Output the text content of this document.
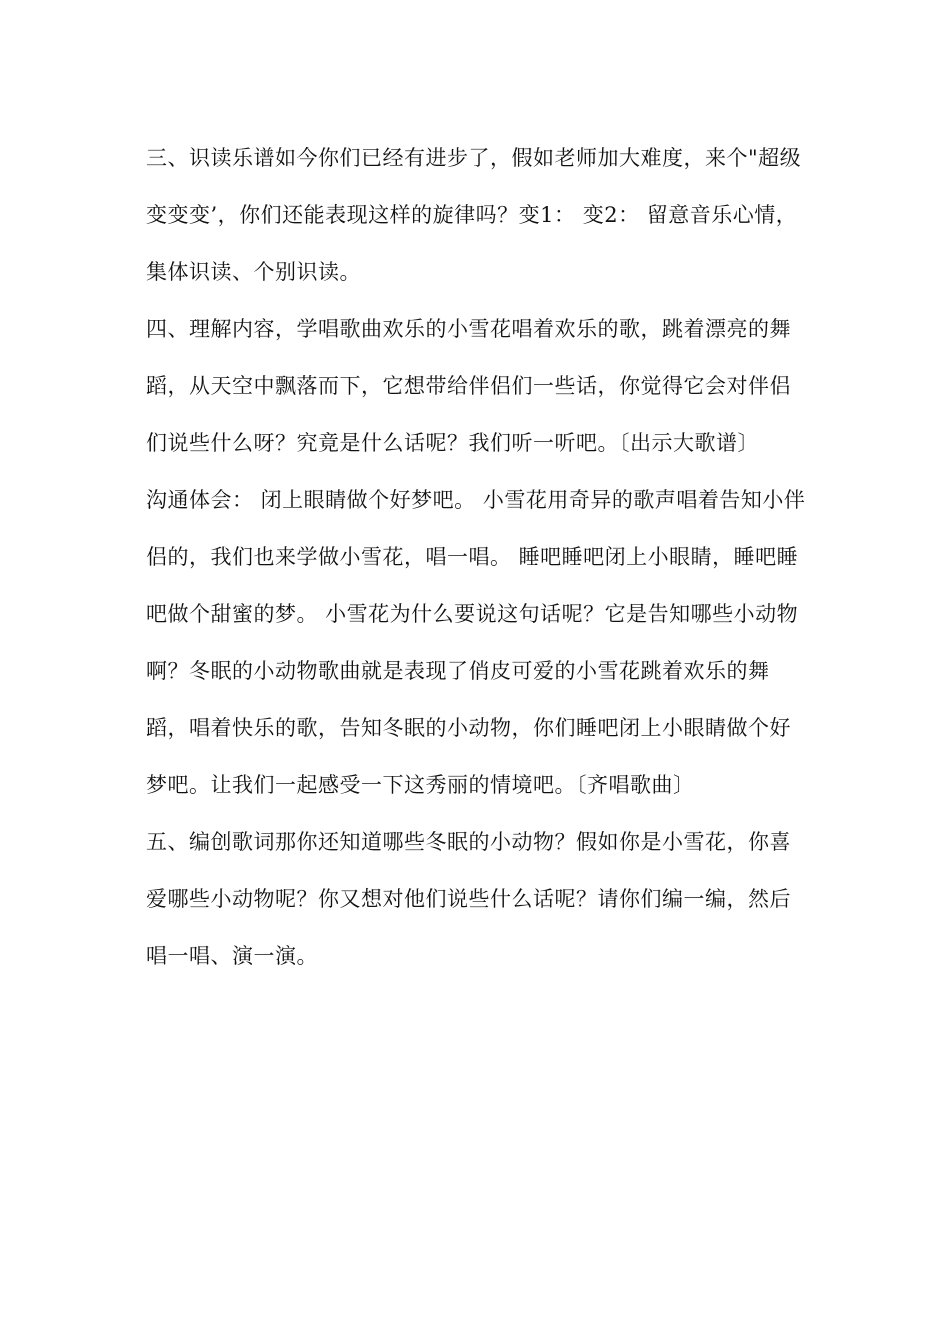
三、识读乐谱如今你们已经有进步了，假如老师加大难度，来个"超级变变变’，你们还能表现这样的旋律吗？变1： 变2： 留意音乐心情，集体识读、个别识读。

四、理解内容，学唱歌曲欢乐的小雪花唱着欢乐的歌，跳着漂亮的舞蹈，从天空中飘落而下，它想带给伴侣们一些话，你觉得它会对伴侣们说些什么呀？究竟是什么话呢？我们听一听吧。〔出示大歌谱〕

沟通体会： 闭上眼睛做个好梦吧。 小雪花用奇异的歌声唱着告知小伴侣的，我们也来学做小雪花，唱一唱。 睡吧睡吧闭上小眼睛，睡吧睡吧做个甜蜜的梦。 小雪花为什么要说这句话呢？它是告知哪些小动物啊？冬眠的小动物歌曲就是表现了俏皮可爱的小雪花跳着欢乐的舞蹈，唱着快乐的歌，告知冬眠的小动物，你们睡吧闭上小眼睛做个好梦吧。让我们一起感受一下这秀丽的情境吧。〔齐唱歌曲〕

五、编创歌词那你还知道哪些冬眠的小动物？假如你是小雪花，你喜爱哪些小动物呢？你又想对他们说些什么话呢？请你们编一编，然后唱一唱、演一演。
